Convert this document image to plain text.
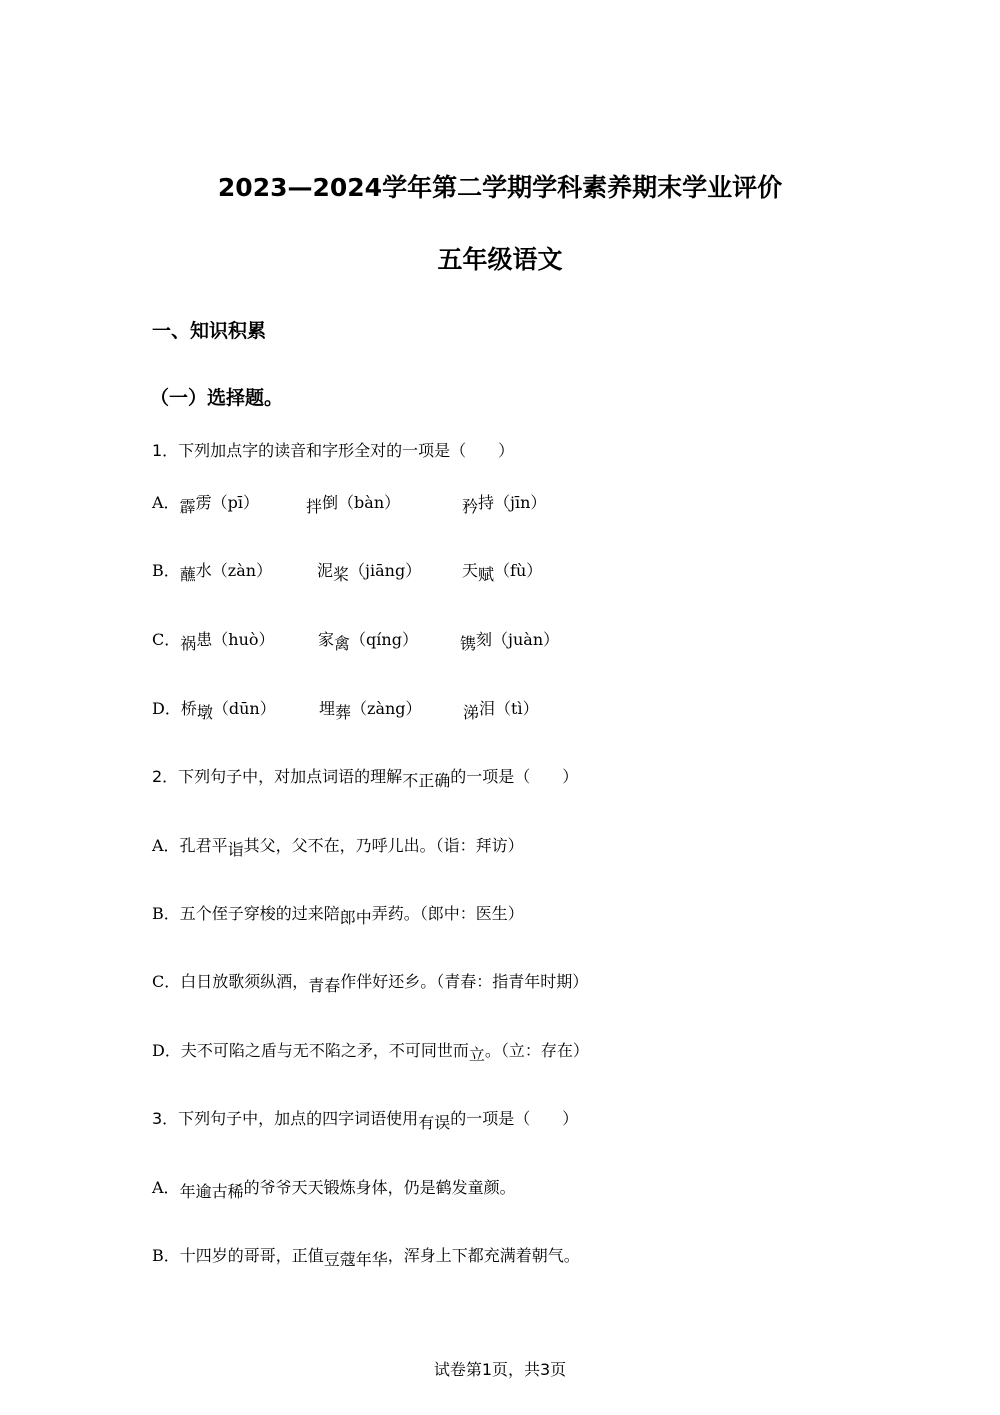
2023—2024学年第二学期学科素养期末学业评价
五年级语文
一、知识积累
（一）选择题。
1．下列加点字的读音和字形全对的一项是（　　）
A．霹雳（pī）	拌倒（bàn）	矜持（jīn）
B．蘸水（zàn）	泥桨（jiāng）	天赋（fù）
C．祸患（huò）	家禽（qíng）	镌刻（juàn）
D．桥墩（dūn）	埋葬（zàng）	涕泪（tì）
2．下列句子中，对加点词语的理解不正确的一项是（　　）
A．孔君平诣其父，父不在，乃呼儿出。（诣：拜访）
B．五个侄子穿梭的过来陪郎中弄药。（郎中：医生）
C．白日放歌须纵酒，青春作伴好还乡。（青春：指青年时期）
D．夫不可陷之盾与无不陷之矛，不可同世而立。（立：存在）
3．下列句子中，加点的四字词语使用有误的一项是（　　）
A．年逾古稀的爷爷天天锻炼身体，仍是鹤发童颜。
B．十四岁的哥哥，正值豆蔻年华，浑身上下都充满着朝气。
试卷第1页，共3页
